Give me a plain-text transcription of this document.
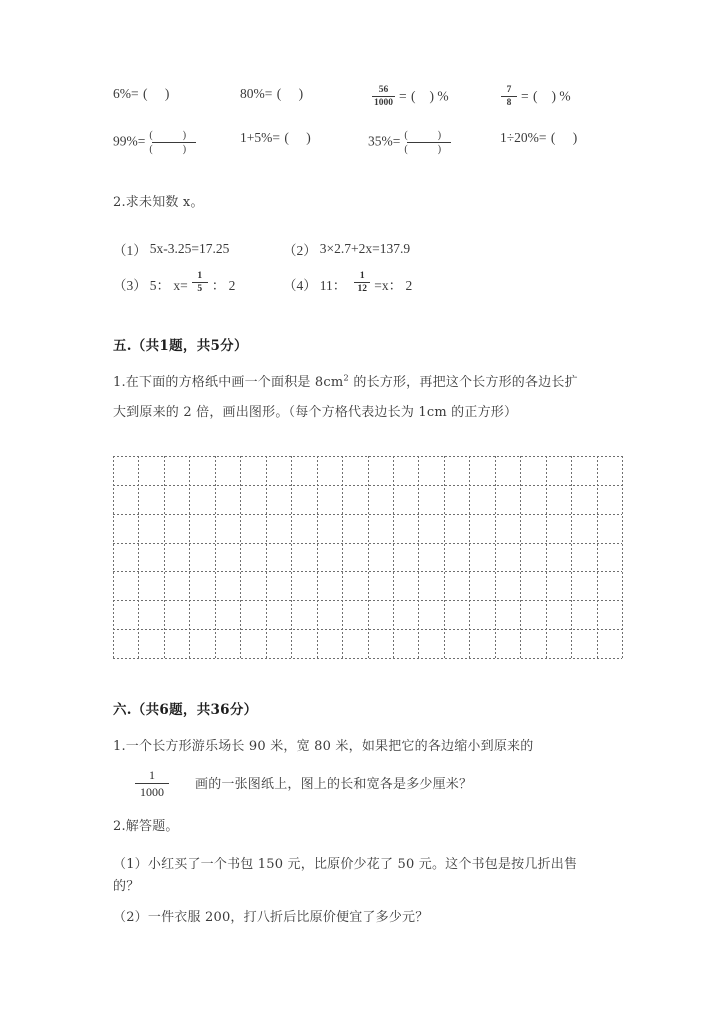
6%= ( )	80%= ( )	$\frac{56}{1000}$ = ( ) %	$\frac{7}{8}$ = ( ) %
$99\%= \frac{( )}{( )}$	1+5%= ( )	$35\%= \frac{( )}{( )}$	1÷20%= ( )
2.求未知数 x。
（1） 5x-3.25=17.25	（2） 3×2.7+2x=137.9
（3） 5： $x= \frac{1}{5}$ ： 2	（4） 11： $\frac{1}{12} =x$： 2
五.（共1题，共5分）
1.在下面的方格纸中画一个面积是 $8cm^2$ 的长方形，再把这个长方形的各边长扩
大到原来的 2 倍，画出图形。（每个方格代表边长为 1cm 的正方形）
六.（共6题，共36分）
1.一个长方形游乐场长 90 米，宽 80 米，如果把它的各边缩小到原来的
$\frac{1}{1000}$ 画的一张图纸上，图上的长和宽各是多少厘米？
2.解答题。
（1）小红买了一个书包 150 元，比原价少花了 50 元。这个书包是按几折出售
的？
（2）一件衣服 200，打八折后比原价便宜了多少元？
